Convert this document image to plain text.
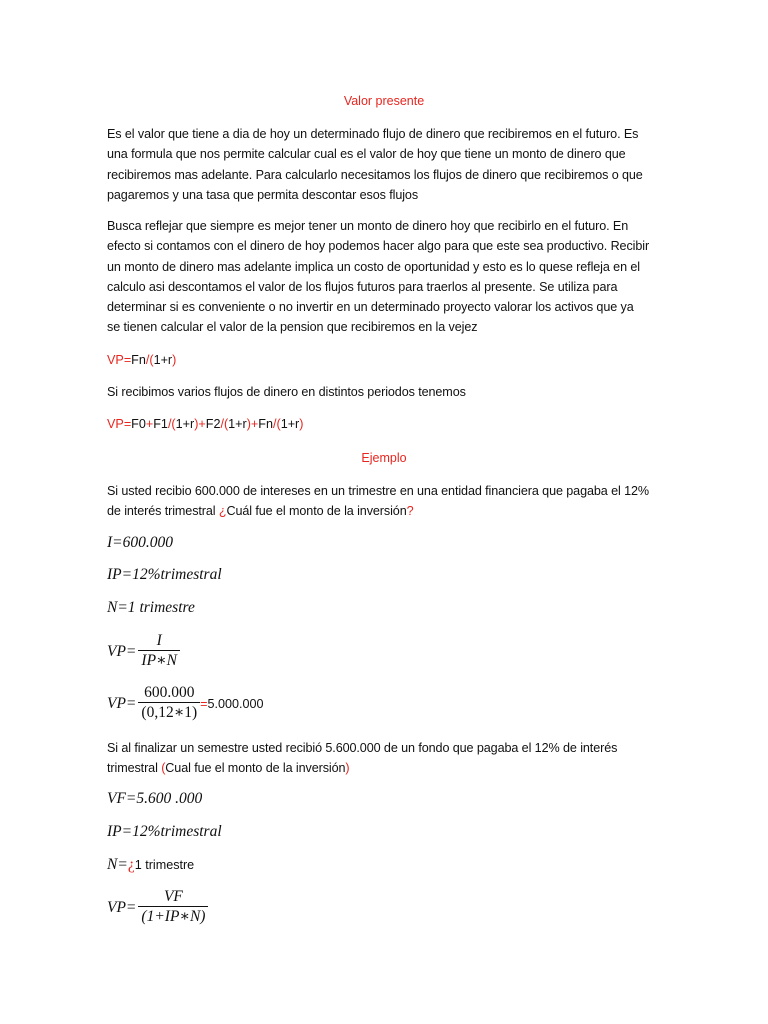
Valor presente
Es el valor que tiene a dia de hoy un determinado flujo de dinero que recibiremos en el futuro. Es
una formula que nos permite calcular cual es el valor de hoy que tiene un monto de dinero que
recibiremos mas adelante. Para calcularlo necesitamos los flujos de dinero que recibiremos o que
pagaremos y una tasa que permita descontar esos flujos
Busca reflejar que siempre es mejor tener un monto de dinero hoy que recibirlo en el futuro. En
efecto si contamos con el dinero de hoy podemos hacer algo para que este sea productivo. Recibir
un monto de dinero mas adelante implica un costo de oportunidad y esto es lo quese refleja en el
calculo asi descontamos el valor de los flujos futuros para traerlos al presente. Se utiliza para
determinar si es conveniente o no invertir en un determinado proyecto valorar los activos que ya
se tienen calcular el valor de la pension que recibiremos en la vejez
VP=Fn/(1+r)
Si recibimos varios flujos de dinero en distintos periodos tenemos
VP=F0+F1/(1+r)+F2/(1+r)+Fn/(1+r)
Ejemplo
Si usted recibio 600.000 de intereses en un trimestre en una entidad financiera que pagaba el 12%
de interés trimestral ¿Cuál fue el monto de la inversión?
I=600.000
IP=12%trimestral
N=1 trimestre
$VP= \frac{I}{IP∗N}$
$VP= \frac{600.000}{(0,12∗1)} =5.000.000$
Si al finalizar un semestre usted recibió 5.600.000 de un fondo que pagaba el 12% de interés
trimestral (Cual fue el monto de la inversión)
VF=5.600 .000
IP=12%trimestral
N=¿1 trimestre
$VP= \frac{VF}{(1+IP∗N)}$
